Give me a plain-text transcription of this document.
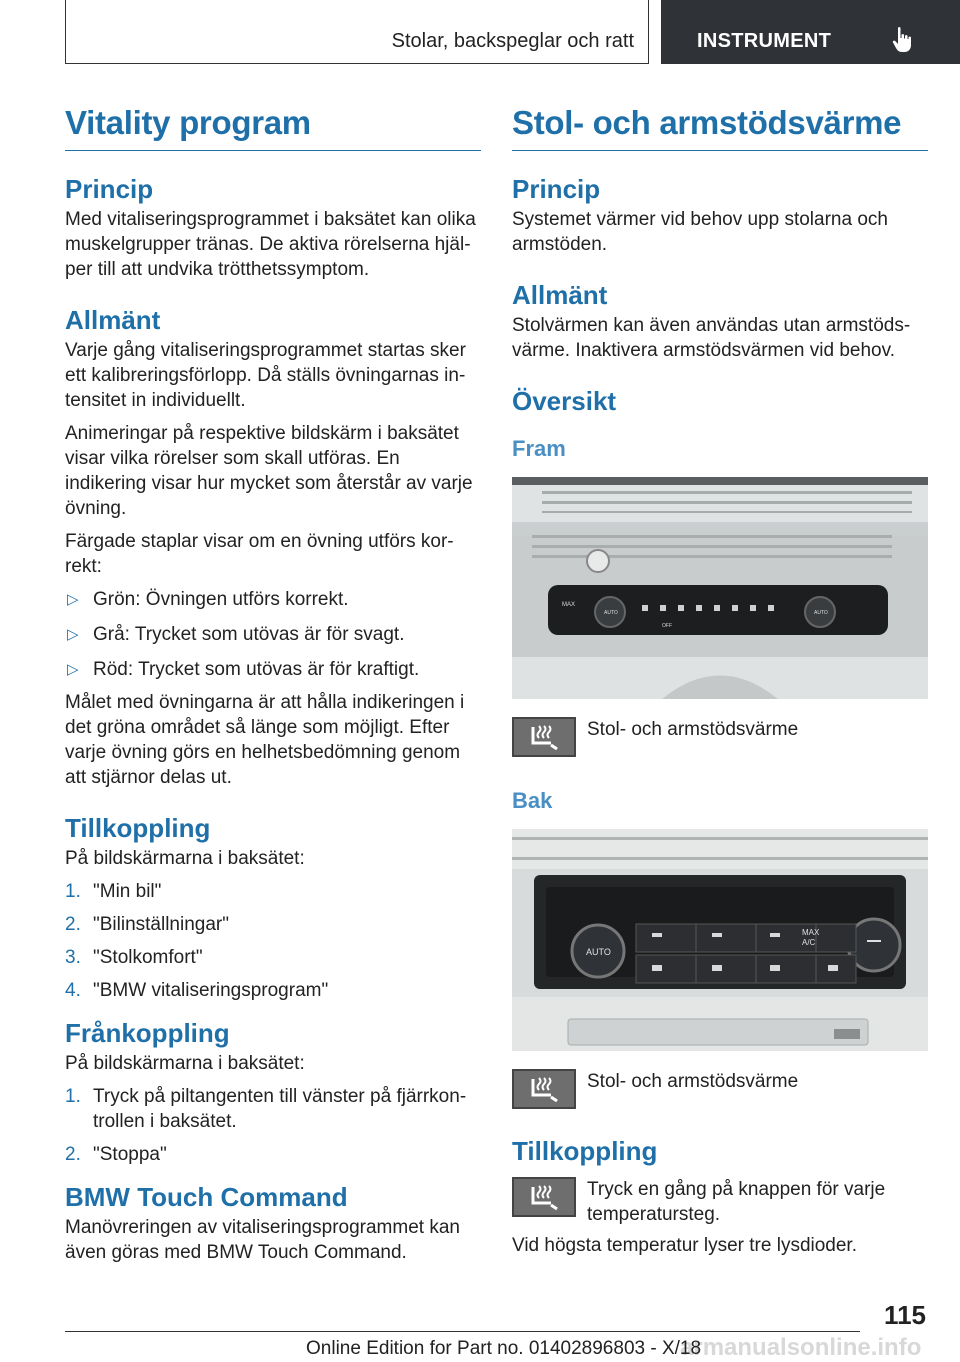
Stolar, backspeglar och ratt	INSTRUMENT
Vitality program
Princip

Med vitaliseringsprogrammet i baksätet kan olika muskelgrupper tränas. De aktiva rörelserna hjälper till att undvika trötthetssymptom.

Allmänt

Varje gång vitaliseringsprogrammet startas sker ett kalibreringsförlopp. Då ställs övningarnas intensitet in individuellt.

Animeringar på respektive bildskärm i baksätet visar vilka rörelser som skall utföras. En indikering visar hur mycket som återstår av varje övning.

Färgade staplar visar om en övning utförs korrekt:

▷ Grön: Övningen utförs korrekt.
▷ Grå: Trycket som utövas är för svagt.
▷ Röd: Trycket som utövas är för kraftigt.

Målet med övningarna är att hålla indikeringen i det gröna området så länge som möjligt. Efter varje övning görs en helhetsbedömning genom att stjärnor delas ut.

Tillkoppling

På bildskärmarna i baksätet:

1. "Min bil"
2. "Bilinställningar"
3. "Stolkomfort"
4. "BMW vitaliseringsprogram"
Frånkoppling

På bildskärmarna i baksätet:

1. Tryck på piltangenten till vänster på fjärrkontrollen i baksätet.
2. "Stoppa"
BMW Touch Command

Manövreringen av vitaliseringsprogrammet kan även göras med BMW Touch Command.

Stol- och armstödsvärme
Princip

Systemet värmer vid behov upp stolarna och armstöden.

Allmänt

Stolvärmen kan även användas utan armstödsvärme. Inaktivera armstödsvärmen vid behov.

Översikt
Fram
MAX
AUTO	AUTO
OFF

Stol- och armstödsvärme

Bak
AUTO
MAX
A/C

Stol- och armstödsvärme

Tillkoppling

Tryck en gång på knappen för varje temperatursteg.

Vid högsta temperatur lyser tre lysdioder.

115
armanualsonline.info
Online Edition for Part no. 01402896803 - X/18
